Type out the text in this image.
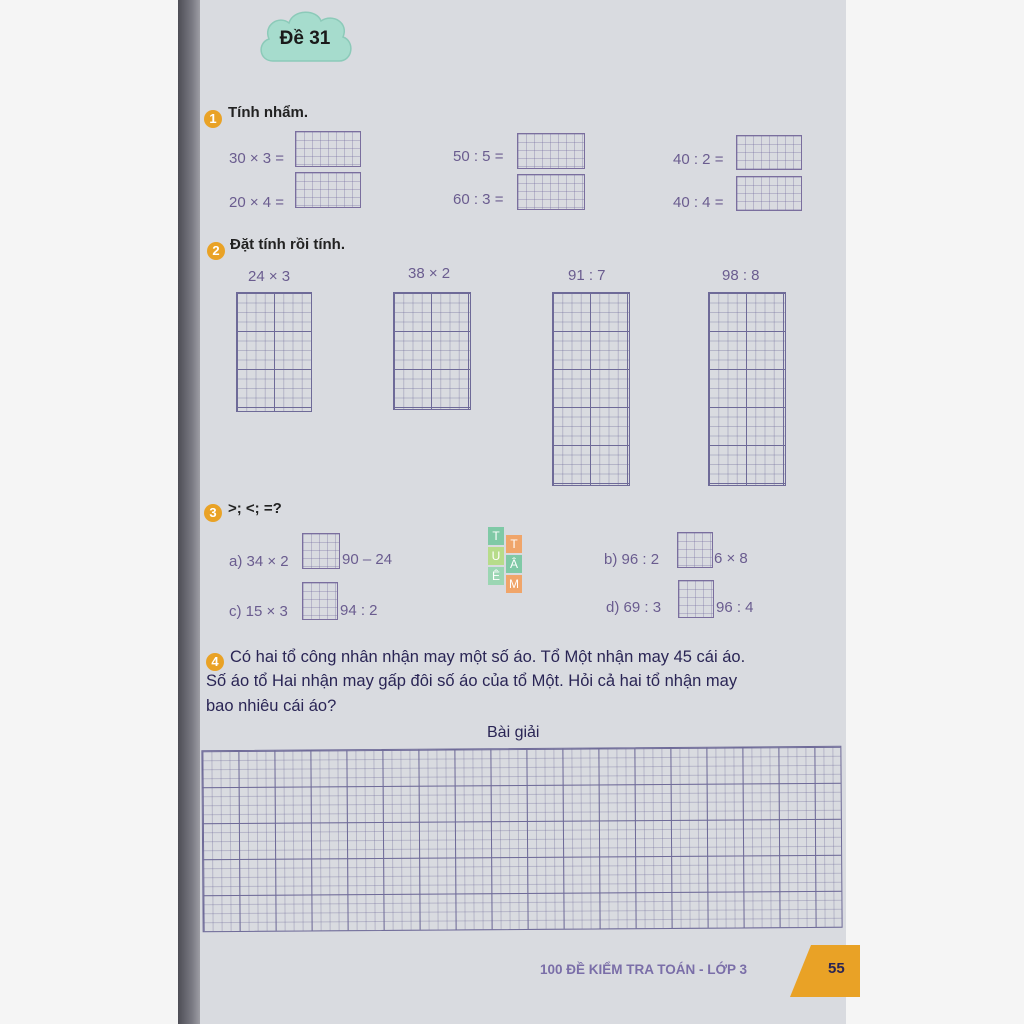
Đề 31
1 Tính nhẩm.
30 × 3 =	50 : 5 =	40 : 2 =
20 × 4 =	60 : 3 =	40 : 4 =
2 Đặt tính rồi tính.
24 × 3	38 × 2	91 : 7	98 : 8
3 >; <; =?
a) 34 × 2	90 – 24
c) 15 × 3	94 : 2
b) 96 : 2	6 × 8
d) 69 : 3	96 : 4
T
T
U
Â
Ê
M
4 Có hai tổ công nhân nhận may một số áo. Tổ Một nhận may 45 cái áo.
Số áo tổ Hai nhận may gấp đôi số áo của tổ Một. Hỏi cả hai tổ nhận may
bao nhiêu cái áo?
Bài giải
100 ĐỀ KIỂM TRA TOÁN - LỚP 3	55
